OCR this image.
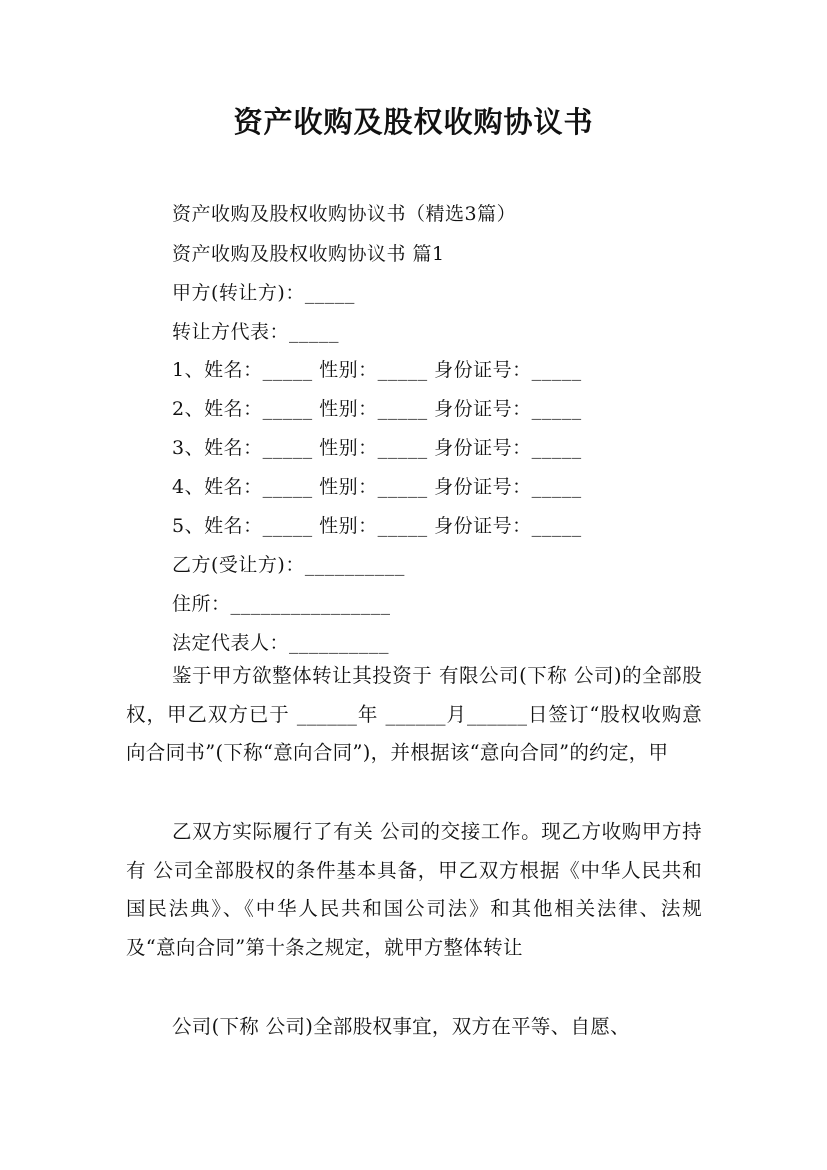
资产收购及股权收购协议书
资产收购及股权收购协议书（精选3篇）
资产收购及股权收购协议书 篇1
甲方(转让方)：_____
转让方代表：_____
1、姓名：_____ 性别：_____ 身份证号：_____
2、姓名：_____ 性别：_____ 身份证号：_____
3、姓名：_____ 性别：_____ 身份证号：_____
4、姓名：_____ 性别：_____ 身份证号：_____
5、姓名：_____ 性别：_____ 身份证号：_____
乙方(受让方)：__________
住所：________________
法定代表人：__________
鉴于甲方欲整体转让其投资于 有限公司(下称 公司)的全部股权，甲乙双方已于 ______年 ______月______日签订“股权收购意向合同书”(下称“意向合同”)，并根据该“意向合同”的约定，甲
乙双方实际履行了有关 公司的交接工作。现乙方收购甲方持有 公司全部股权的条件基本具备，甲乙双方根据《中华人民共和国民法典》、《中华人民共和国公司法》和其他相关法律、法规及“意向合同”第十条之规定，就甲方整体转让
公司(下称 公司)全部股权事宜，双方在平等、自愿、
